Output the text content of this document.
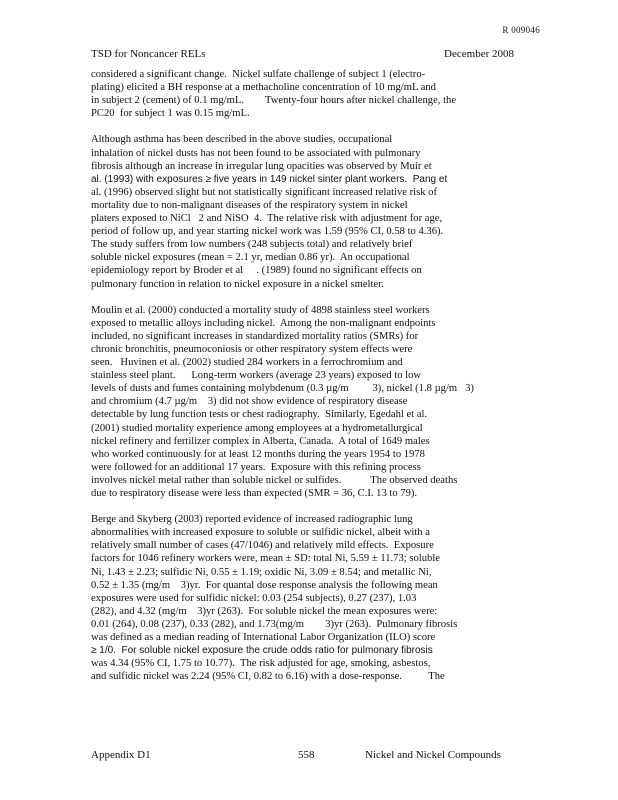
R 009046
TSD for Noncancer RELs	December 2008
considered a significant change.  Nickel sulfate challenge of subject 1 (electro-
plating) elicited a BH response at a methacholine concentration of 10 mg/mL and
in subject 2 (cement) of 0.1 mg/mL.        Twenty-four hours after nickel challenge, the
PC20  for subject 1 was 0.15 mg/mL.
Although asthma has been described in the above studies, occupational
inhalation of nickel dusts has not been found to be associated with pulmonary
fibrosis although an increase in irregular lung opacities was observed by Muir et
al. (1993) with exposures ≥ five years in 149 nickel sinter plant workers.  Pang et
al. (1996) observed slight but not statistically significant increased relative risk of
mortality due to non-malignant diseases of the respiratory system in nickel
platers exposed to NiCl   2 and NiSO  4.  The relative risk with adjustment for age,
period of follow up, and year starting nickel work was 1.59 (95% CI, 0.58 to 4.36).
The study suffers from low numbers (248 subjects total) and relatively brief
soluble nickel exposures (mean = 2.1 yr, median 0.86 yr).  An occupational
epidemiology report by Broder et al     . (1989) found no significant effects on
pulmonary function in relation to nickel exposure in a nickel smelter.
Moulin et al. (2000) conducted a mortality study of 4898 stainless steel workers
exposed to metallic alloys including nickel.  Among the non-malignant endpoints
included, no significant increases in standardized mortality ratios (SMRs) for
chronic bronchitis, pneumoconiosis or other respiratory system effects were
seen.   Huvinen et al. (2002) studied 284 workers in a ferrochromium and
stainless steel plant.      Long-term workers (average 23 years) exposed to low
levels of dusts and fumes containing molybdenum (0.3 µg/m         3), nickel (1.8 µg/m   3)
and chromium (4.7 µg/m    3) did not show evidence of respiratory disease
detectable by lung function tests or chest radiography.  Similarly, Egedahl et al.
(2001) studied mortality experience among employees at a hydrometallurgical
nickel refinery and fertilizer complex in Alberta, Canada.  A total of 1649 males
who worked continuously for at least 12 months during the years 1954 to 1978
were followed for an additional 17 years.  Exposure with this refining process
involves nickel metal rather than soluble nickel or sulfides.           The observed deaths
due to respiratory disease were less than expected (SMR = 36, C.I. 13 to 79).
Berge and Skyberg (2003) reported evidence of increased radiographic lung
abnormalities with increased exposure to soluble or sulfidic nickel, albeit with a
relatively small number of cases (47/1046) and relatively mild effects.  Exposure
factors for 1046 refinery workers were, mean ± SD: total Ni, 5.59 ± 11.73; soluble
Ni, 1.43 ± 2.23; sulfidic Ni, 0.55 ± 1.19; oxidic Ni, 3.09 ± 8.54; and metallic Ni,
0.52 ± 1.35 (mg/m    3)yr.  For quantal dose response analysis the following mean
exposures were used for sulfidic nickel: 0.03 (254 subjects), 0.27 (237), 1.03
(282), and 4.32 (mg/m    3)yr (263).  For soluble nickel the mean exposures were:
0.01 (264), 0.08 (237), 0.33 (282), and 1.73(mg/m        3)yr (263).  Pulmonary fibrosis
was defined as a median reading of International Labor Organization (ILO) score
≥ 1/0.  For soluble nickel exposure the crude odds ratio for pulmonary fibrosis
was 4.34 (95% CI, 1.75 to 10.77).  The risk adjusted for age, smoking, asbestos,
and sulfidic nickel was 2.24 (95% CI, 0.82 to 6.16) with a dose-response.          The
Appendix D1	558	Nickel and Nickel Compounds
